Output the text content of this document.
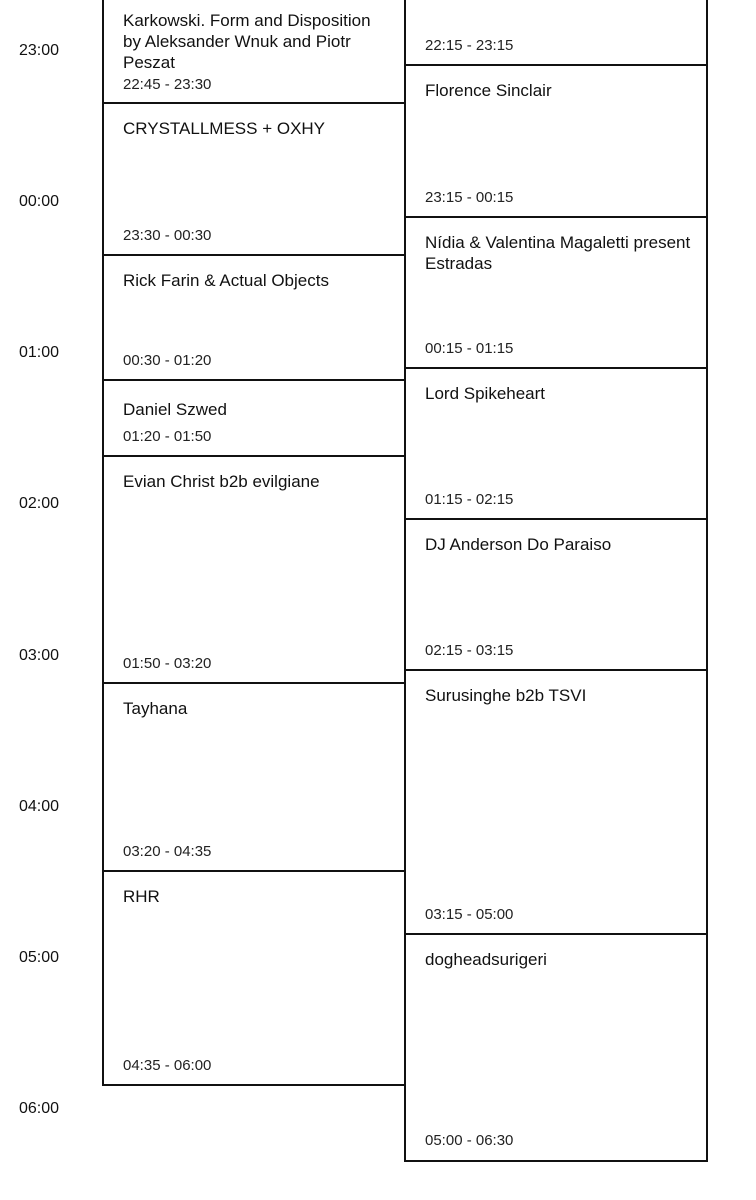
23:00
00:00
01:00
02:00
03:00
04:00
05:00
06:00
Karkowski. Form and Disposition by Aleksander Wnuk and Piotr Peszat
22:45 - 23:30
CRYSTALLMESS + OXHY
23:30 - 00:30
Rick Farin & Actual Objects
00:30 - 01:20
Daniel Szwed
01:20 - 01:50
Evian Christ b2b evilgiane
01:50 - 03:20
Tayhana
03:20 - 04:35
RHR
04:35 - 06:00
22:15 - 23:15
Florence Sinclair
23:15 - 00:15
Nídia & Valentina Magaletti present Estradas
00:15 - 01:15
Lord Spikeheart
01:15 - 02:15
DJ Anderson Do Paraiso
02:15 - 03:15
Surusinghe b2b TSVI
03:15 - 05:00
dogheadsurigeri
05:00 - 06:30
